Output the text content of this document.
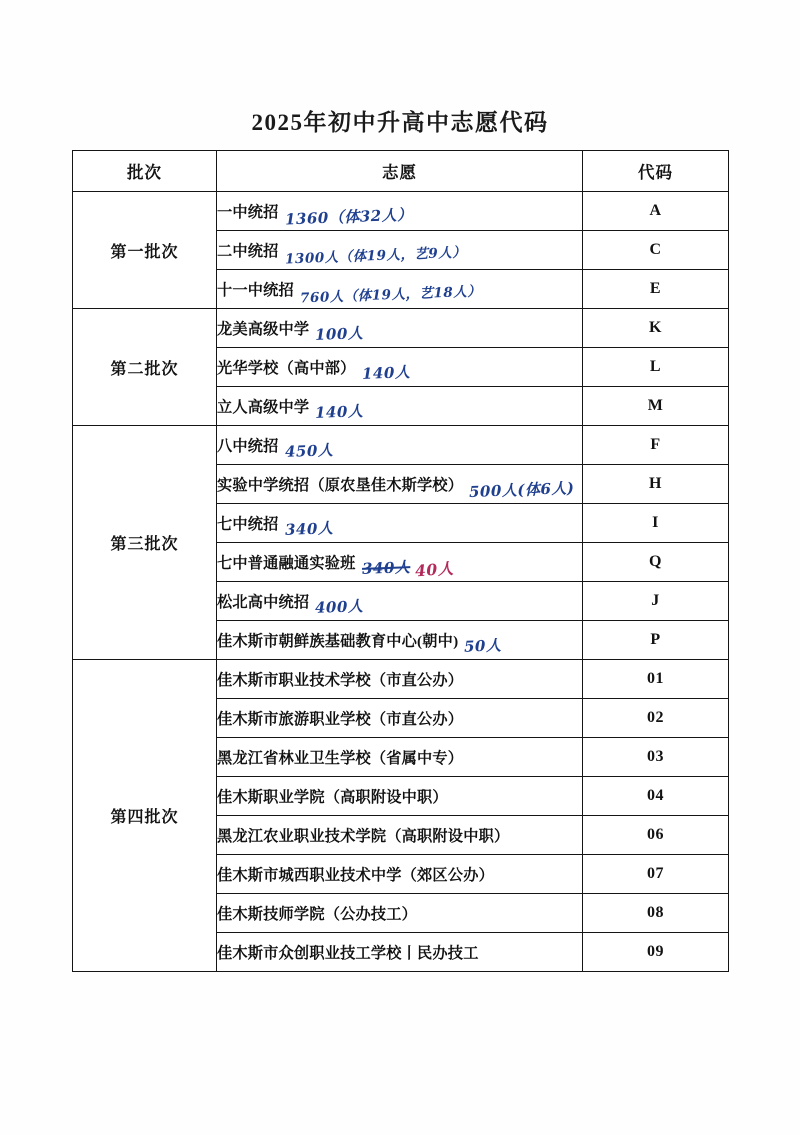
2025年初中升高中志愿代码
批次	志愿	代码
第一批次	一中统招 1360（体32人）	A
	二中统招 1300人（体19人，艺9人）	C
	十一中统招 760人（体19人，艺18人）	E
第二批次	龙美高级中学 100人	K
	光华学校（高中部） 140人	L
	立人高级中学 140人	M
第三批次	八中统招 450人	F
	实验中学统招（原农垦佳木斯学校） 500人(体6人)	H
	七中统招 340人	I
	七中普通融通实验班 340人 40人	Q
	松北高中统招 400人	J
	佳木斯市朝鲜族基础教育中心(朝中) 50人	P
第四批次	佳木斯市职业技术学校（市直公办）	01
	佳木斯市旅游职业学校（市直公办）	02
	黑龙江省林业卫生学校（省属中专）	03
	佳木斯职业学院（高职附设中职）	04
	黑龙江农业职业技术学院（高职附设中职）	06
	佳木斯市城西职业技术中学（郊区公办）	07
	佳木斯技师学院（公办技工）	08
	佳木斯市众创职业技工学校丨民办技工	09
